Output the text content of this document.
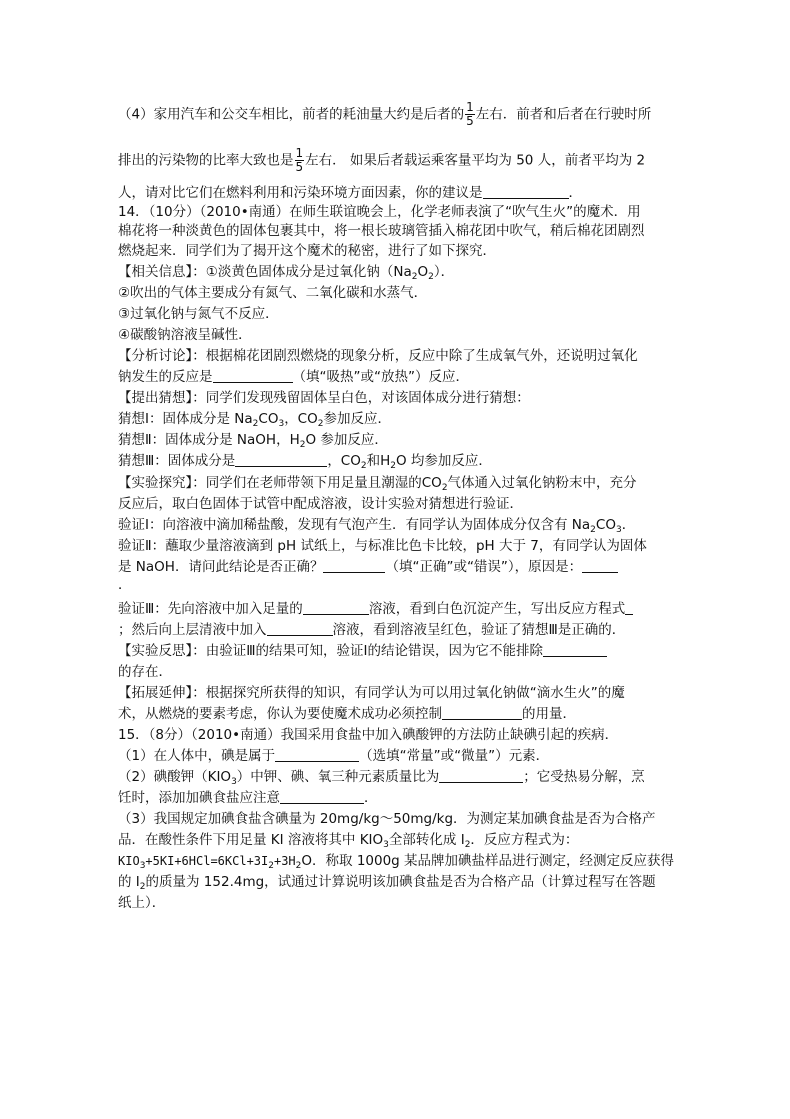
（4）家用汽车和公交车相比，前者的耗油量大约是后者的 $\frac{1}{5}$ 左右．前者和后者在行驶时所
排出的污染物的比率大致也是 $\frac{1}{5}$ 左右． 如果后者载运乘客量平均为 50 人，前者平均为 2
人，请对比它们在燃料利用和污染环境方面因素，你的建议是	．
14．（10分）（2010•南通）在师生联谊晚会上，化学老师表演了“吹气生火”的魔术．用
棉花将一种淡黄色的固体包裹其中，将一根长玻璃管插入棉花团中吹气，稍后棉花团剧烈
燃烧起来．同学们为了揭开这个魔术的秘密，进行了如下探究．
【相关信息】：①淡黄色固体成分是过氧化钠$(Na_2O_2)$．
②吹出的气体主要成分有氮气、二氧化碳和水蒸气．
③过氧化钠与氮气不反应．
④碳酸钠溶液呈碱性．
【分析讨论】：根据棉花团剧烈燃烧的现象分析，反应中除了生成氧气外，还说明过氧化
钠发生的反应是	（填“吸热”或“放热”）反应．
【提出猜想】：同学们发现残留固体呈白色，对该固体成分进行猜想：
猜想Ⅰ：固体成分是 $Na_2CO_3$，$CO_2$参加反应．
猜想Ⅱ：固体成分是 NaOH，$H_2O$ 参加反应．
猜想Ⅲ：固体成分是	，$CO_2$和$H_2O$ 均参加反应．
【实验探究】：同学们在老师带领下用足量且潮湿的$CO_2$气体通入过氧化钠粉末中，充分
反应后，取白色固体于试管中配成溶液，设计实验对猜想进行验证．
验证Ⅰ：向溶液中滴加稀盐酸，发现有气泡产生．有同学认为固体成分仅含有 $Na_2CO_3$．
验证Ⅱ：蘸取少量溶液滴到 pH 试纸上，与标准比色卡比较，pH 大于 7，有同学认为固体
是 NaOH．请问此结论是否正确？	（填“正确”或“错误”），原因是：
．
验证Ⅲ：先向溶液中加入足量的	溶液，看到白色沉淀产生，写出反应方程式
；然后向上层清液中加入	溶液，看到溶液呈红色，验证了猜想Ⅲ是正确的．
【实验反思】：由验证Ⅲ的结果可知，验证Ⅰ的结论错误，因为它不能排除
的存在．
【拓展延伸】：根据探究所获得的知识，有同学认为可以用过氧化钠做“滴水生火”的魔
术，从燃烧的要素考虑，你认为要使魔术成功必须控制	的用量．
15．（8分）（2010•南通）我国采用食盐中加入碘酸钾的方法防止缺碘引起的疾病．
（1）在人体中，碘是属于	（选填“常量”或“微量”）元素．
（2）碘酸钾$(KIO_3)$中钾、碘、氧三种元素质量比为	；它受热易分解，烹
饪时，添加加碘食盐应注意	．
（3）我国规定加碘食盐含碘量为 20mg/kg～50mg/kg．为测定某加碘食盐是否为合格产
品．在酸性条件下用足量 KI 溶液将其中 $KIO_3$全部转化成 $I_2$．反应方程式为：
$KIO_3+5KI+6HCl=6KCl+3I_2+3H_2O$．称取 1000g 某品牌加碘盐样品进行测定，经测定反应获得
的 $I_2$的质量为 152.4mg，试通过计算说明该加碘食盐是否为合格产品（计算过程写在答题
纸上）．
